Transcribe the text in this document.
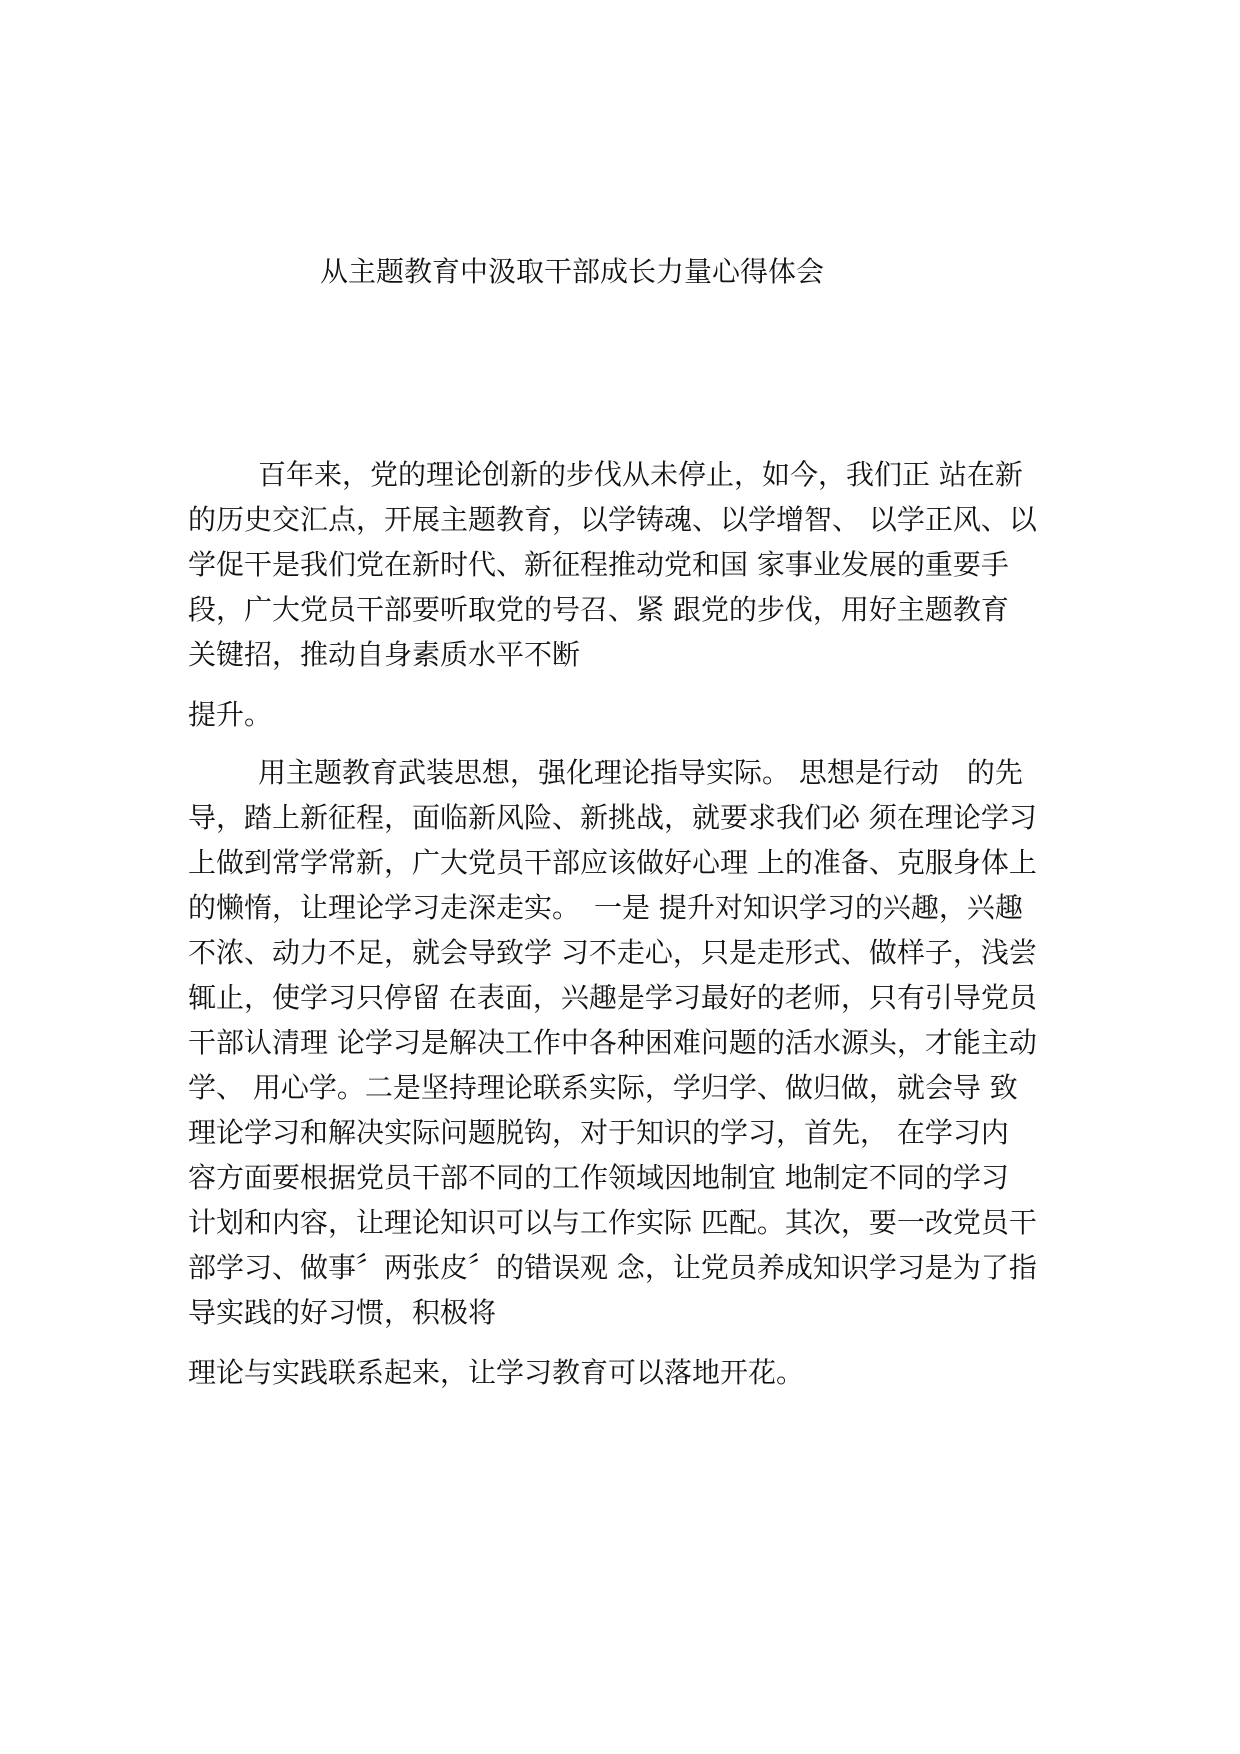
从主题教育中汲取干部成长力量心得体会
百年来，党的理论创新的步伐从未停止，如今，我们正 站在新
的历史交汇点，开展主题教育，以学铸魂、以学增智、 以学正风、以
学促干是我们党在新时代、新征程推动党和国 家事业发展的重要手
段，广大党员干部要听取党的号召、紧 跟党的步伐，用好主题教育
关键招，推动自身素质水平不断
提升。
用主题教育武装思想，强化理论指导实际。 思想是行动　的先
导，踏上新征程，面临新风险、新挑战，就要求我们必 须在理论学习
上做到常学常新，广大党员干部应该做好心理 上的准备、克服身体上
的懒惰，让理论学习走深走实。　一是 提升对知识学习的兴趣，兴趣
不浓、动力不足，就会导致学 习不走心，只是走形式、做样子，浅尝
辄止，使学习只停留 在表面，兴趣是学习最好的老师，只有引导党员
干部认清理 论学习是解决工作中各种困难问题的活水源头，才能主动
学、 用心学。二是坚持理论联系实际，学归学、做归做，就会导 致
理论学习和解决实际问题脱钩，对于知识的学习，首先， 在学习内
容方面要根据党员干部不同的工作领域因地制宜 地制定不同的学习
计划和内容，让理论知识可以与工作实际 匹配。其次，要一改党员干
部学习、做事〞两张皮〞的错误观 念，让党员养成知识学习是为了指
导实践的好习惯，积极将
理论与实践联系起来，让学习教育可以落地开花。
